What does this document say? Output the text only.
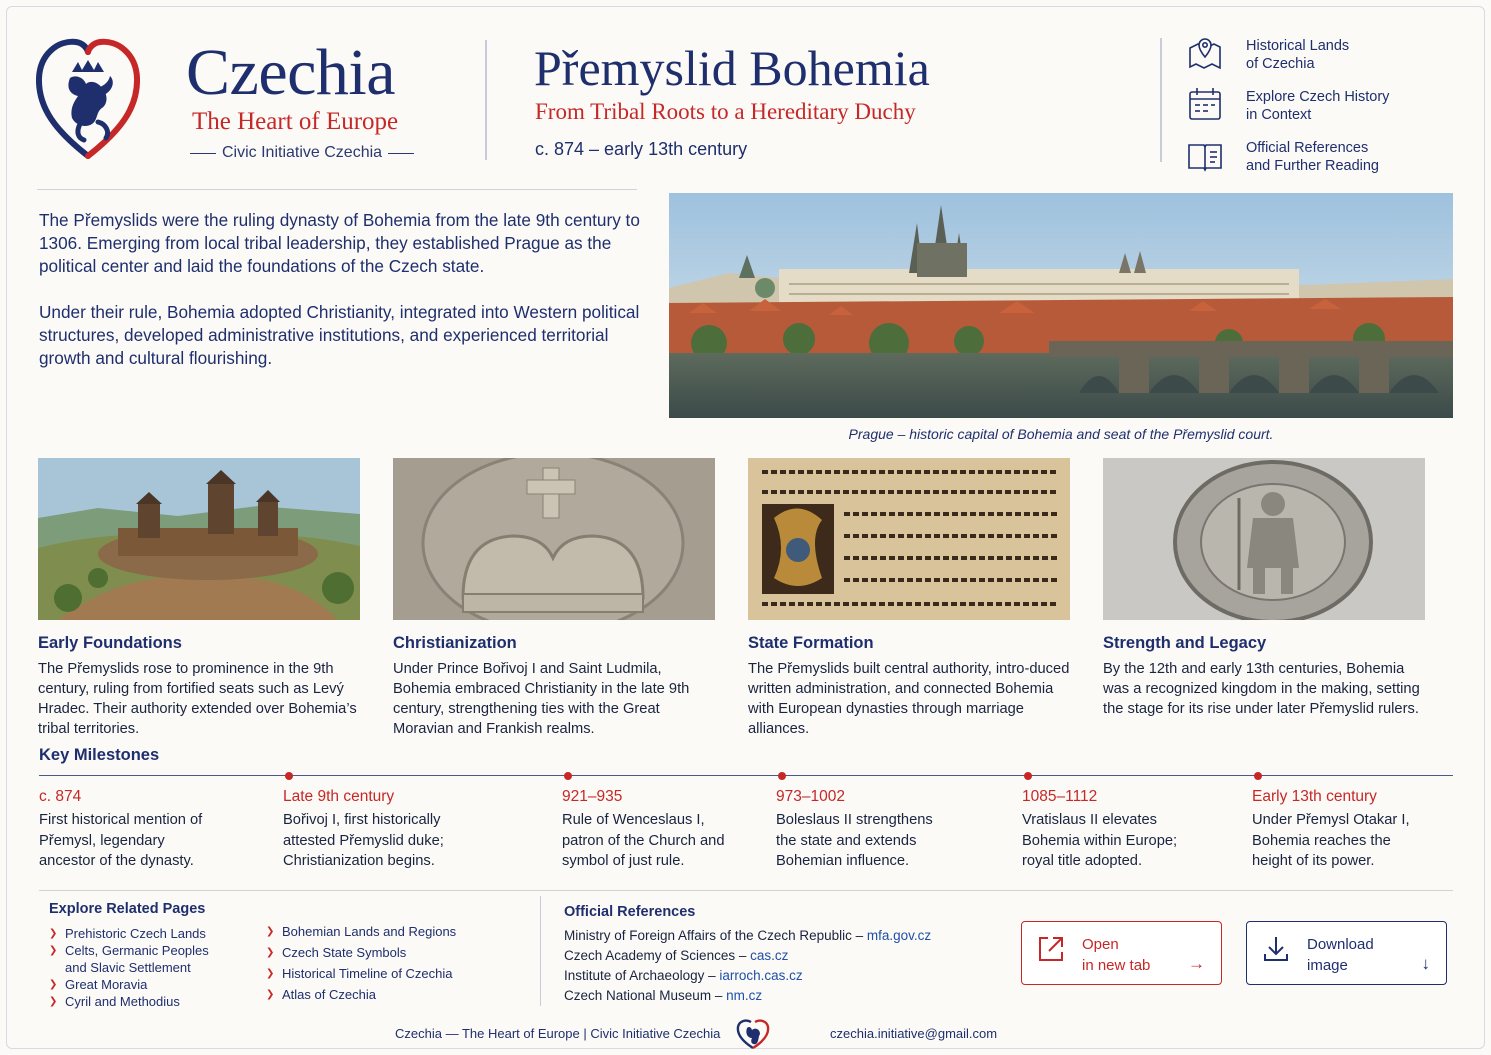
Czechia
The Heart of Europe
Civic Initiative Czechia
Přemyslid Bohemia
From Tribal Roots to a Hereditary Duchy
c. 874 – early 13th century
Historical Lands
of Czechia
Explore Czech History
in Context
Official References
and Further Reading

The Přemyslids were the ruling dynasty of Bohemia from the late 9th century to 1306. Emerging from local tribal leadership, they established Prague as the political center and laid the foundations of the Czech state.

Under their rule, Bohemia adopted Christianity, integrated into Western political structures, developed administrative institutions, and experienced territorial growth and cultural flourishing.

Prague – historic capital of Bohemia and seat of the Přemyslid court.
Early Foundations

The Přemyslids rose to prominence in the 9th century, ruling from fortified seats such as Levý Hradec. Their authority extended over Bohemia’s tribal territories.

Christianization

Under Prince Bořivoj I and Saint Ludmila, Bohemia embraced Christianity in the late 9th century, strengthening ties with the Great Moravian and Frankish realms.

State Formation

The Přemyslids built central authority, intro-duced written administration, and connected Bohemia with European dynasties through marriage alliances.

Strength and Legacy

By the 12th and early 13th centuries, Bohemia was a recognized kingdom in the making, setting the stage for its rise under later Přemyslid rulers.

Key Milestones
c. 874
First historical mention of Přemysl, legendary ancestor of the dynasty.
Late 9th century
Bořivoj I, first historically attested Přemyslid duke; Christianization begins.
921–935
Rule of Wenceslaus I, patron of the Church and symbol of just rule.
973–1002
Boleslaus II strengthens the state and extends Bohemian influence.
1085–1112
Vratislaus II elevates Bohemia within Europe; royal title adopted.
Early 13th century
Under Přemysl Otakar I, Bohemia reaches the height of its power.
Explore Related Pages
❯ Prehistoric Czech Lands
❯ Celts, Germanic Peoples
and Slavic Settlement
❯ Great Moravia
❯ Cyril and Methodius
❯ Bohemian Lands and Regions
❯ Czech State Symbols
❯ Historical Timeline of Czechia
❯ Atlas of Czechia
Official References
Ministry of Foreign Affairs of the Czech Republic – mfa.gov.cz
Czech Academy of Sciences – cas.cz
Institute of Archaeology – iarroch.cas.cz
Czech National Museum – nm.cz
Open
in new tab →
Download
image	↓
Czechia — The Heart of Europe | Civic Initiative Czechia	czechia.initiative@gmail.com
